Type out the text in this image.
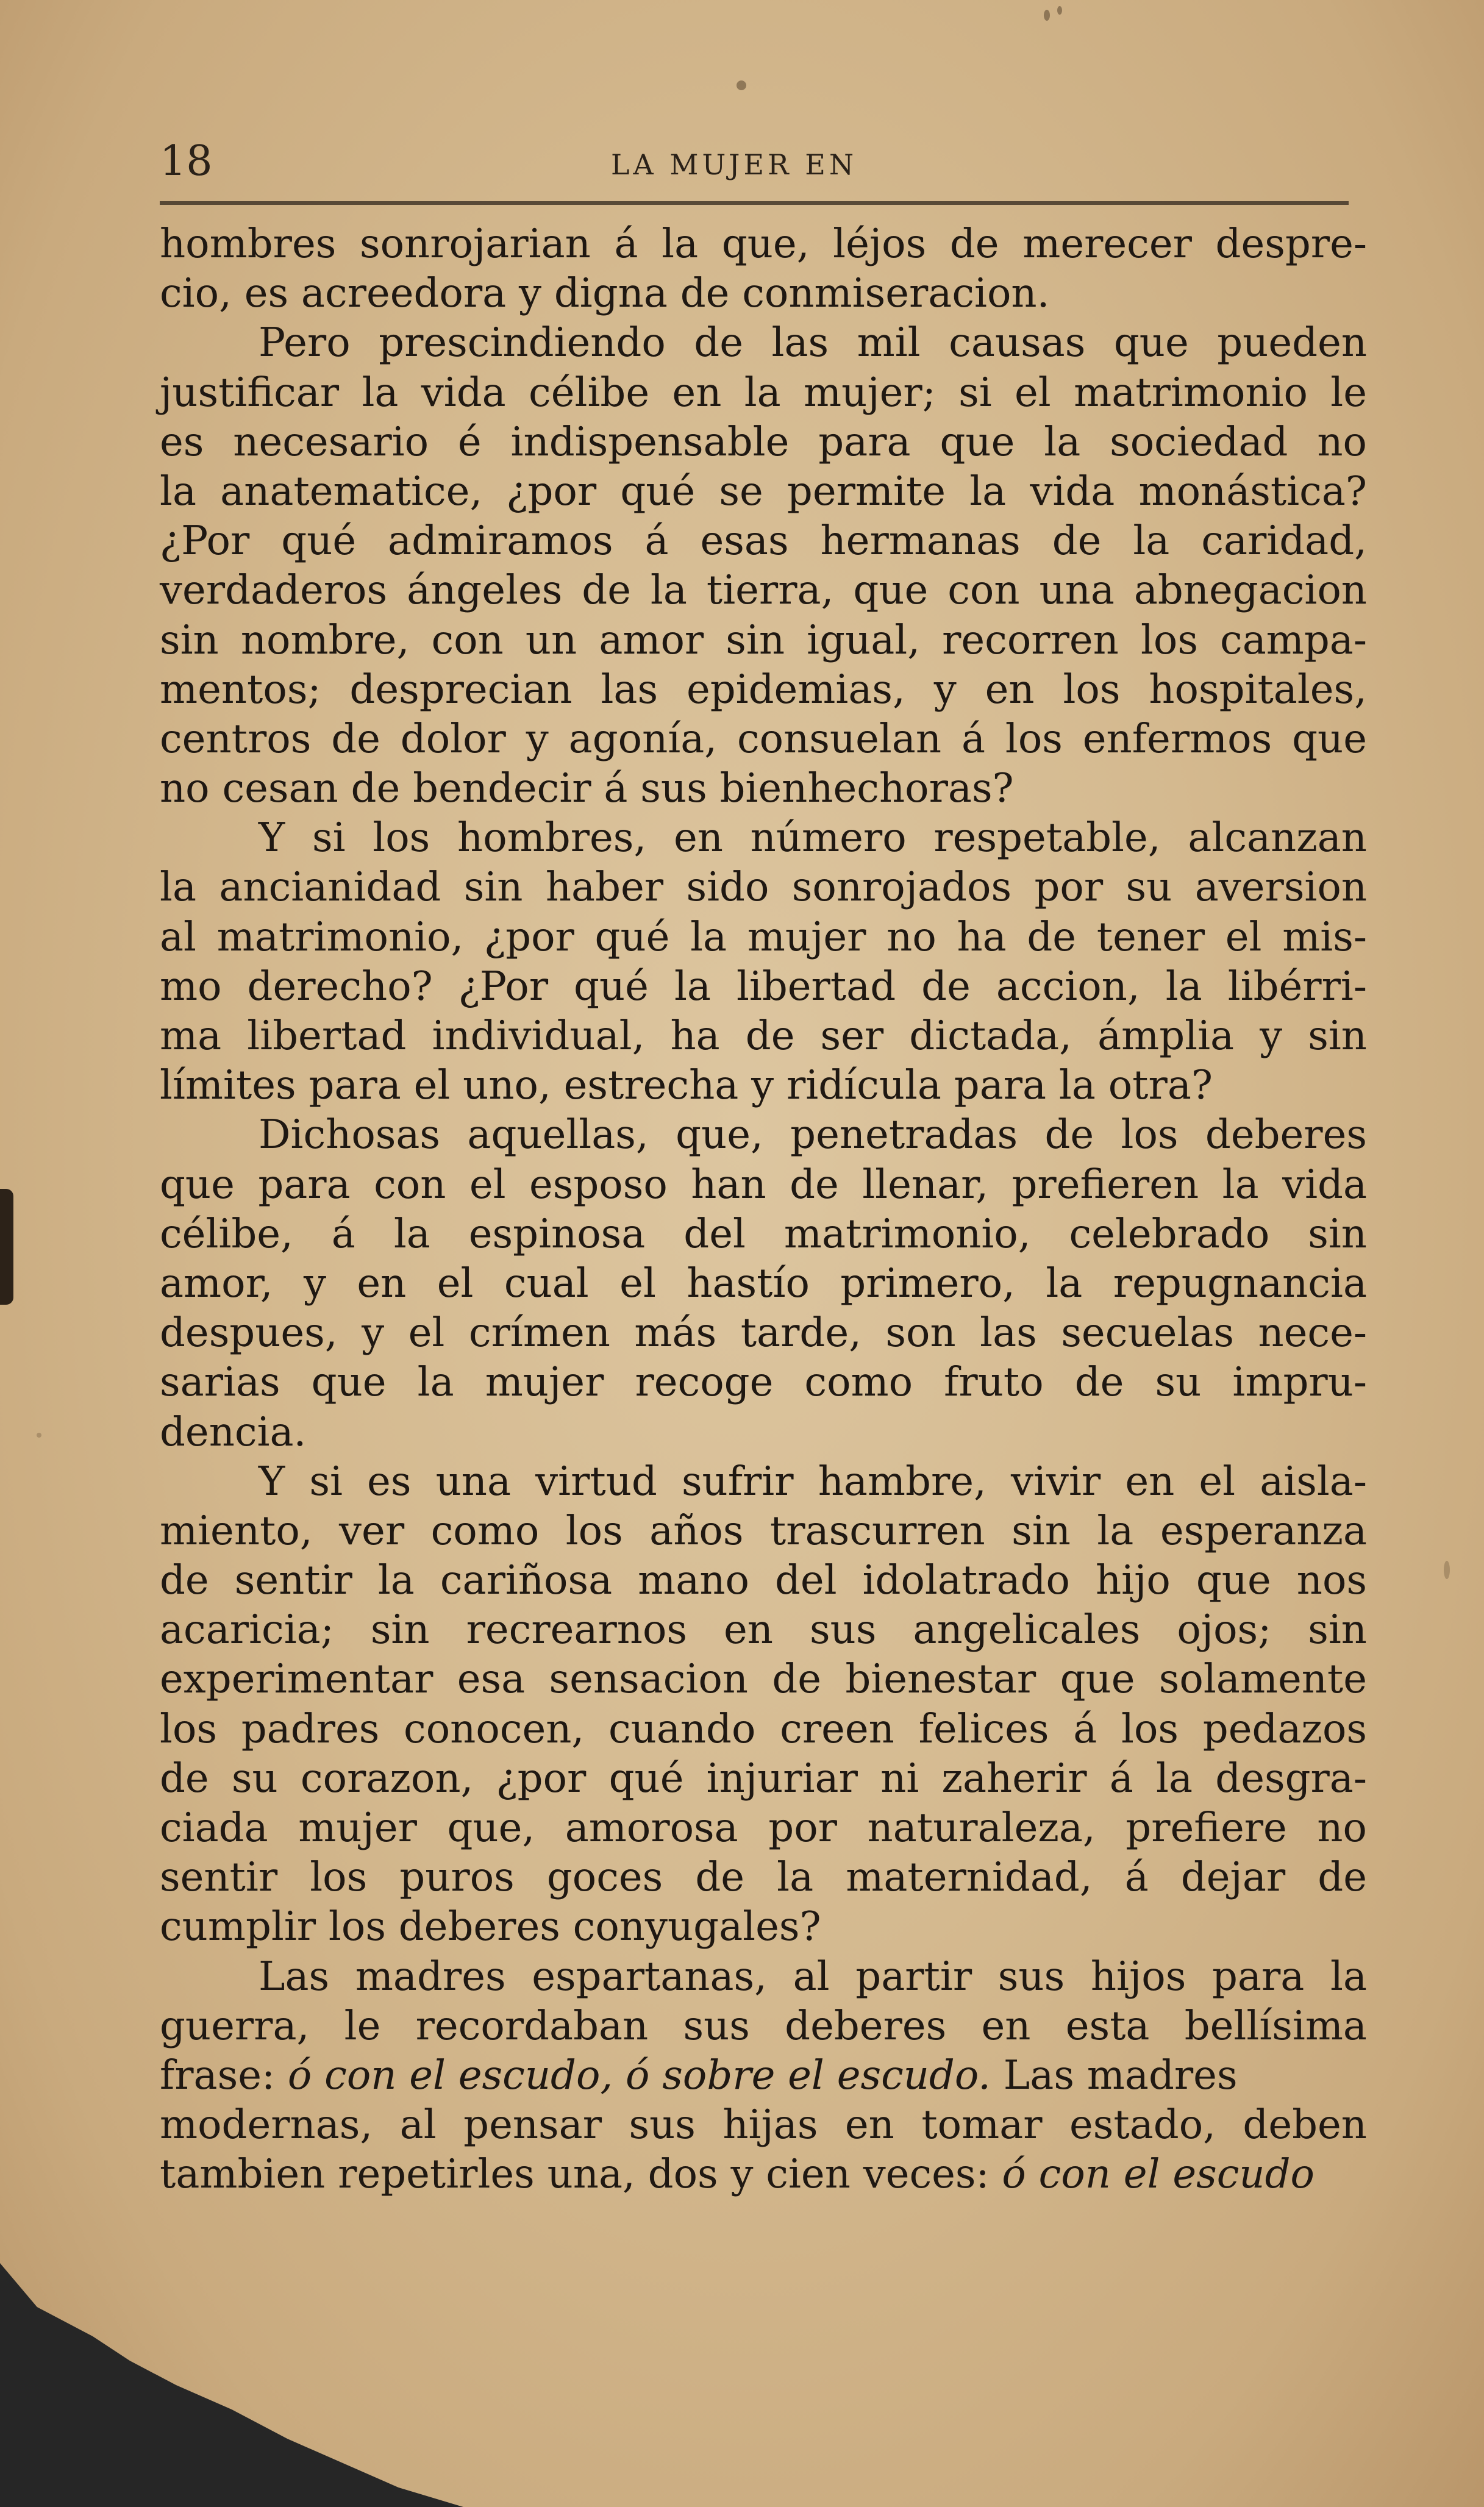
18	LA MUJER EN
hombres sonrojarian á la que, léjos de merecer despre-
cio, es acreedora y digna de conmiseracion.
Pero prescindiendo de las mil causas que pueden
justificar la vida célibe en la mujer; si el matrimonio le
es necesario é indispensable para que la sociedad no
la anatematice, ¿por qué se permite la vida monástica?
¿Por qué admiramos á esas hermanas de la caridad,
verdaderos ángeles de la tierra, que con una abnegacion
sin nombre, con un amor sin igual, recorren los campa-
mentos; desprecian las epidemias, y en los hospitales,
centros de dolor y agonía, consuelan á los enfermos que
no cesan de bendecir á sus bienhechoras?
Y si los hombres, en número respetable, alcanzan
la ancianidad sin haber sido sonrojados por su aversion
al matrimonio, ¿por qué la mujer no ha de tener el mis-
mo derecho? ¿Por qué la libertad de accion, la libérri-
ma libertad individual, ha de ser dictada, ámplia y sin
límites para el uno, estrecha y ridícula para la otra?
Dichosas aquellas, que, penetradas de los deberes
que para con el esposo han de llenar, prefieren la vida
célibe, á la espinosa del matrimonio, celebrado sin
amor, y en el cual el hastío primero, la repugnancia
despues, y el crímen más tarde, son las secuelas nece-
sarias que la mujer recoge como fruto de su impru-
dencia.
Y si es una virtud sufrir hambre, vivir en el aisla-
miento, ver como los años trascurren sin la esperanza
de sentir la cariñosa mano del idolatrado hijo que nos
acaricia; sin recrearnos en sus angelicales ojos; sin
experimentar esa sensacion de bienestar que solamente
los padres conocen, cuando creen felices á los pedazos
de su corazon, ¿por qué injuriar ni zaherir á la desgra-
ciada mujer que, amorosa por naturaleza, prefiere no
sentir los puros goces de la maternidad, á dejar de
cumplir los deberes conyugales?
Las madres espartanas, al partir sus hijos para la
guerra, le recordaban sus deberes en esta bellísima
frase: ó con el escudo, ó sobre el escudo. Las madres
modernas, al pensar sus hijas en tomar estado, deben
tambien repetirles una, dos y cien veces: ó con el escudo
